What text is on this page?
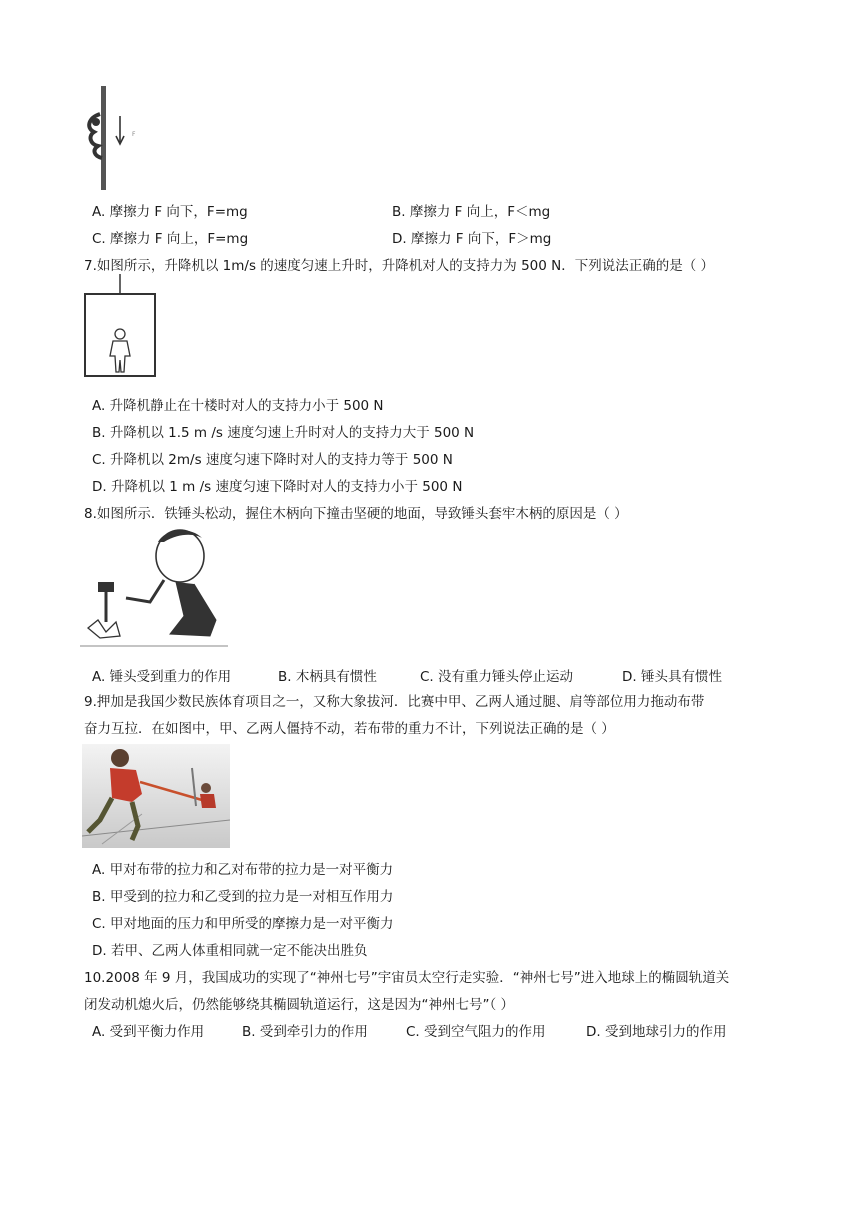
F
A. 摩擦力 F 向下，F=mg	B. 摩擦力 F 向上，F＜mg
C. 摩擦力 F 向上，F=mg	D. 摩擦力 F 向下，F＞mg
7.如图所示，升降机以 1m/s 的速度匀速上升时，升降机对人的支持力为 500 N．下列说法正确的是（ ）
A. 升降机静止在十楼时对人的支持力小于 500 N
B. 升降机以 1.5 m /s 速度匀速上升时对人的支持力大于 500 N
C. 升降机以 2m/s 速度匀速下降时对人的支持力等于 500 N
D. 升降机以 1 m /s 速度匀速下降时对人的支持力小于 500 N
8.如图所示．铁锤头松动，握住木柄向下撞击坚硬的地面，导致锤头套牢木柄的原因是（ ）
A. 锤头受到重力的作用	B. 木柄具有惯性	C. 没有重力锤头停止运动	D. 锤头具有惯性
9.押加是我国少数民族体育项目之一，又称大象拔河．比赛中甲、乙两人通过腿、肩等部位用力拖动布带
奋力互拉．在如图中，甲、乙两人僵持不动，若布带的重力不计，下列说法正确的是（ ）
A. 甲对布带的拉力和乙对布带的拉力是一对平衡力
B. 甲受到的拉力和乙受到的拉力是一对相互作用力
C. 甲对地面的压力和甲所受的摩擦力是一对平衡力
D. 若甲、乙两人体重相同就一定不能决出胜负
10.2008 年 9 月，我国成功的实现了“神州七号”宇宙员太空行走实验．“神州七号”进入地球上的椭圆轨道关
闭发动机熄火后，仍然能够绕其椭圆轨道运行，这是因为“神州七号”（ ）
A. 受到平衡力作用	B. 受到牵引力的作用	C. 受到空气阻力的作用	D. 受到地球引力的作用
